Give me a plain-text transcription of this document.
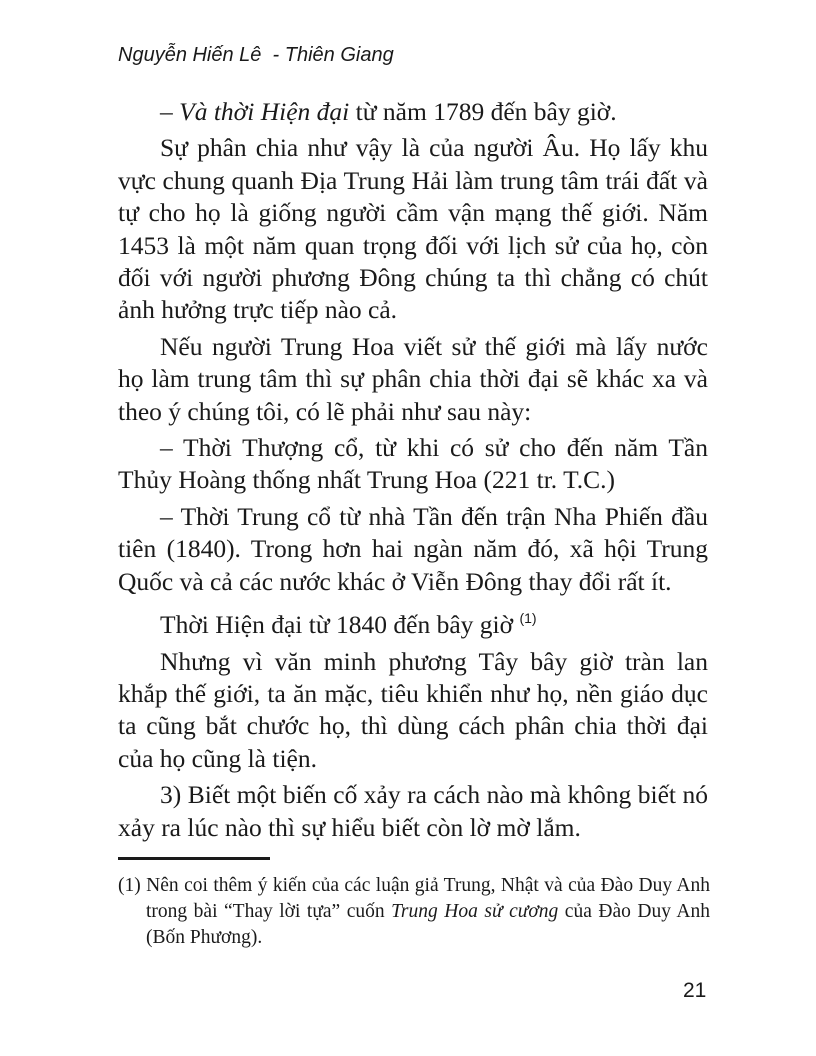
Nguyễn Hiến Lê  - Thiên Giang

– Và thời Hiện đại từ năm 1789 đến bây giờ.

Sự phân chia như vậy là của người Âu. Họ lấy khu vực chung quanh Địa Trung Hải làm trung tâm trái đất và tự cho họ là giống người cầm vận mạng thế giới. Năm 1453 là một năm quan trọng đối với lịch sử của họ, còn đối với người phương Đông chúng ta thì chẳng có chút ảnh hưởng trực tiếp nào cả.

Nếu người Trung Hoa viết sử thế giới mà lấy nước họ làm trung tâm thì sự phân chia thời đại sẽ khác xa và theo ý chúng tôi, có lẽ phải như sau này:

– Thời Thượng cổ, từ khi có sử cho đến năm Tần Thủy Hoàng thống nhất Trung Hoa (221 tr. T.C.)

– Thời Trung cổ từ nhà Tần đến trận Nha Phiến đầu tiên (1840). Trong hơn hai ngàn năm đó, xã hội Trung Quốc và cả các nước khác ở Viễn Đông thay đổi rất ít.

Thời Hiện đại từ 1840 đến bây giờ $^{(1)}$

Nhưng vì văn minh phương Tây bây giờ tràn lan khắp thế giới, ta ăn mặc, tiêu khiển như họ, nền giáo dục ta cũng bắt chước họ, thì dùng cách phân chia thời đại của họ cũng là tiện.

3) Biết một biến cố xảy ra cách nào mà không biết nó xảy ra lúc nào thì sự hiểu biết còn lờ mờ lắm.

(1) Nên coi thêm ý kiến của các luận giả Trung, Nhật và của Đào Duy Anh trong bài “Thay lời tựa” cuốn Trung Hoa sử cương của Đào Duy Anh (Bốn Phương).
21
